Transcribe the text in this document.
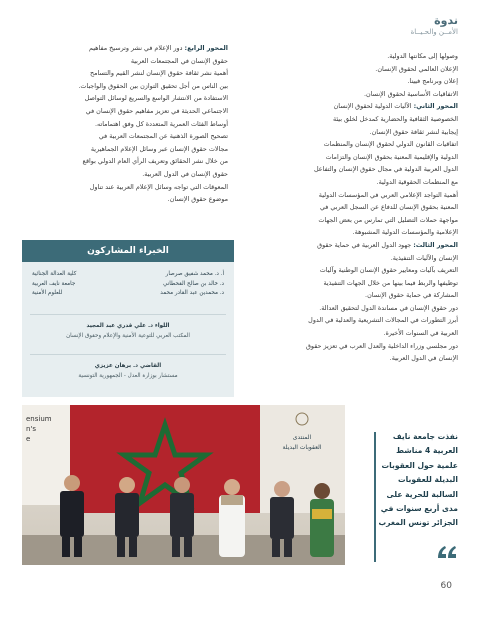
ندوة
الأمــن والحـيــاة

وصولها إلى مكانتها الدولية.

الإعلان العالمي لحقوق الإنسان.

إعلان وبرنامج فيينا.

الاتفاقيات الأساسية لحقوق الإنسان.

المحور الثاني: الآليات الدولية لحقوق الإنسان

الخصوصية الثقافية والحضارية كمدخل لخلق بيئة

إيجابية لنشر ثقافة حقوق الإنسان.

اتفاقيات القانون الدولي لحقوق الإنسان والمنظمات

الدولية والإقليمية المعنية بحقوق الإنسان والتزامات

الدول العربية الدولية في مجال حقوق الإنسان والتفاعل

مع المنظمات الحقوقية الدولية.

أهمية التواجد الإعلامي العربي في المؤسسات الدولية

المعنية بحقوق الإنسان للدفاع عن السجل العربي في

مواجهة حملات التضليل التي تمارس من بعض الجهات

الإعلامية والمؤسسات الدولية المشبوهة.

المحور الثالث: جهود الدول العربية في حماية حقوق

الإنسان والآليات التنفيذية.

التعريف بآليات ومعايير حقوق الإنسان الوطنية وآليات

توظيفها والربط فيما بينها من خلال الجهات التنفيذية

المشاركة في حماية حقوق الإنسان.

دور حقوق الإنسان في مساندة الدول لتحقيق العدالة.

أبرز التطورات في المجالات التشريعية والعدلية في الدول

العربية في السنوات الأخيرة.

دور مجلسي وزراء الداخلية والعدل العرب في تعزيز حقوق

الإنسان في الدول العربية.

المحور الرابع: دور الإعلام في نشر وترسيخ مفاهيم

حقوق الإنسان في المجتمعات العربية

أهمية نشر ثقافة حقوق الإنسان لنشر القيم والتسامح

بين الناس من أجل تحقيق التوازن بين الحقوق والواجبات.

الاستفادة من الانتشار الواسع والسريع لوسائل التواصل

الاجتماعي الحديثة في تعزيز مفاهيم حقوق الإنسان في

أوساط الفئات العمرية المتعددة كل وفق اهتماماته.

تصحيح الصورة الذهنية عن المجتمعات العربية في

مجالات حقوق الإنسان عبر وسائل الإعلام الجماهيرية

من خلال نشر الحقائق وتعريف الرأي العام الدولي بواقع

حقوق الإنسان في الدول العربية.

المعوقات التي تواجه وسائل الإعلام العربية عند تناول

موضوع حقوق الإنسان.

الخبراء المشاركون
أ. د. محمد شفيق صرصار
د. خالد بن صالح القحطاني
د. محمدين عبد القادر محمد
كلية العدالة الجنائية
جامعة نايف العربية
للعلوم الأمنية
اللواء د. علي قدري عبد المجيد
المكتب العربي للتوعية الأمنية والإعلام وحقوق الإنسان
القاضي د. برهان عزيزي
مستشار بوزارة العدل - الجمهورية التونسية
ensium
n's
e	المنتدى
العقوبات البديلة
نفذت جامعة نايف
العربية 4 مناشط
علمية حول العقوبات
البديلة للعقوبات
السالبة للحرية على
مدى أربع سنوات في
الجزائر تونس المغرب
60
